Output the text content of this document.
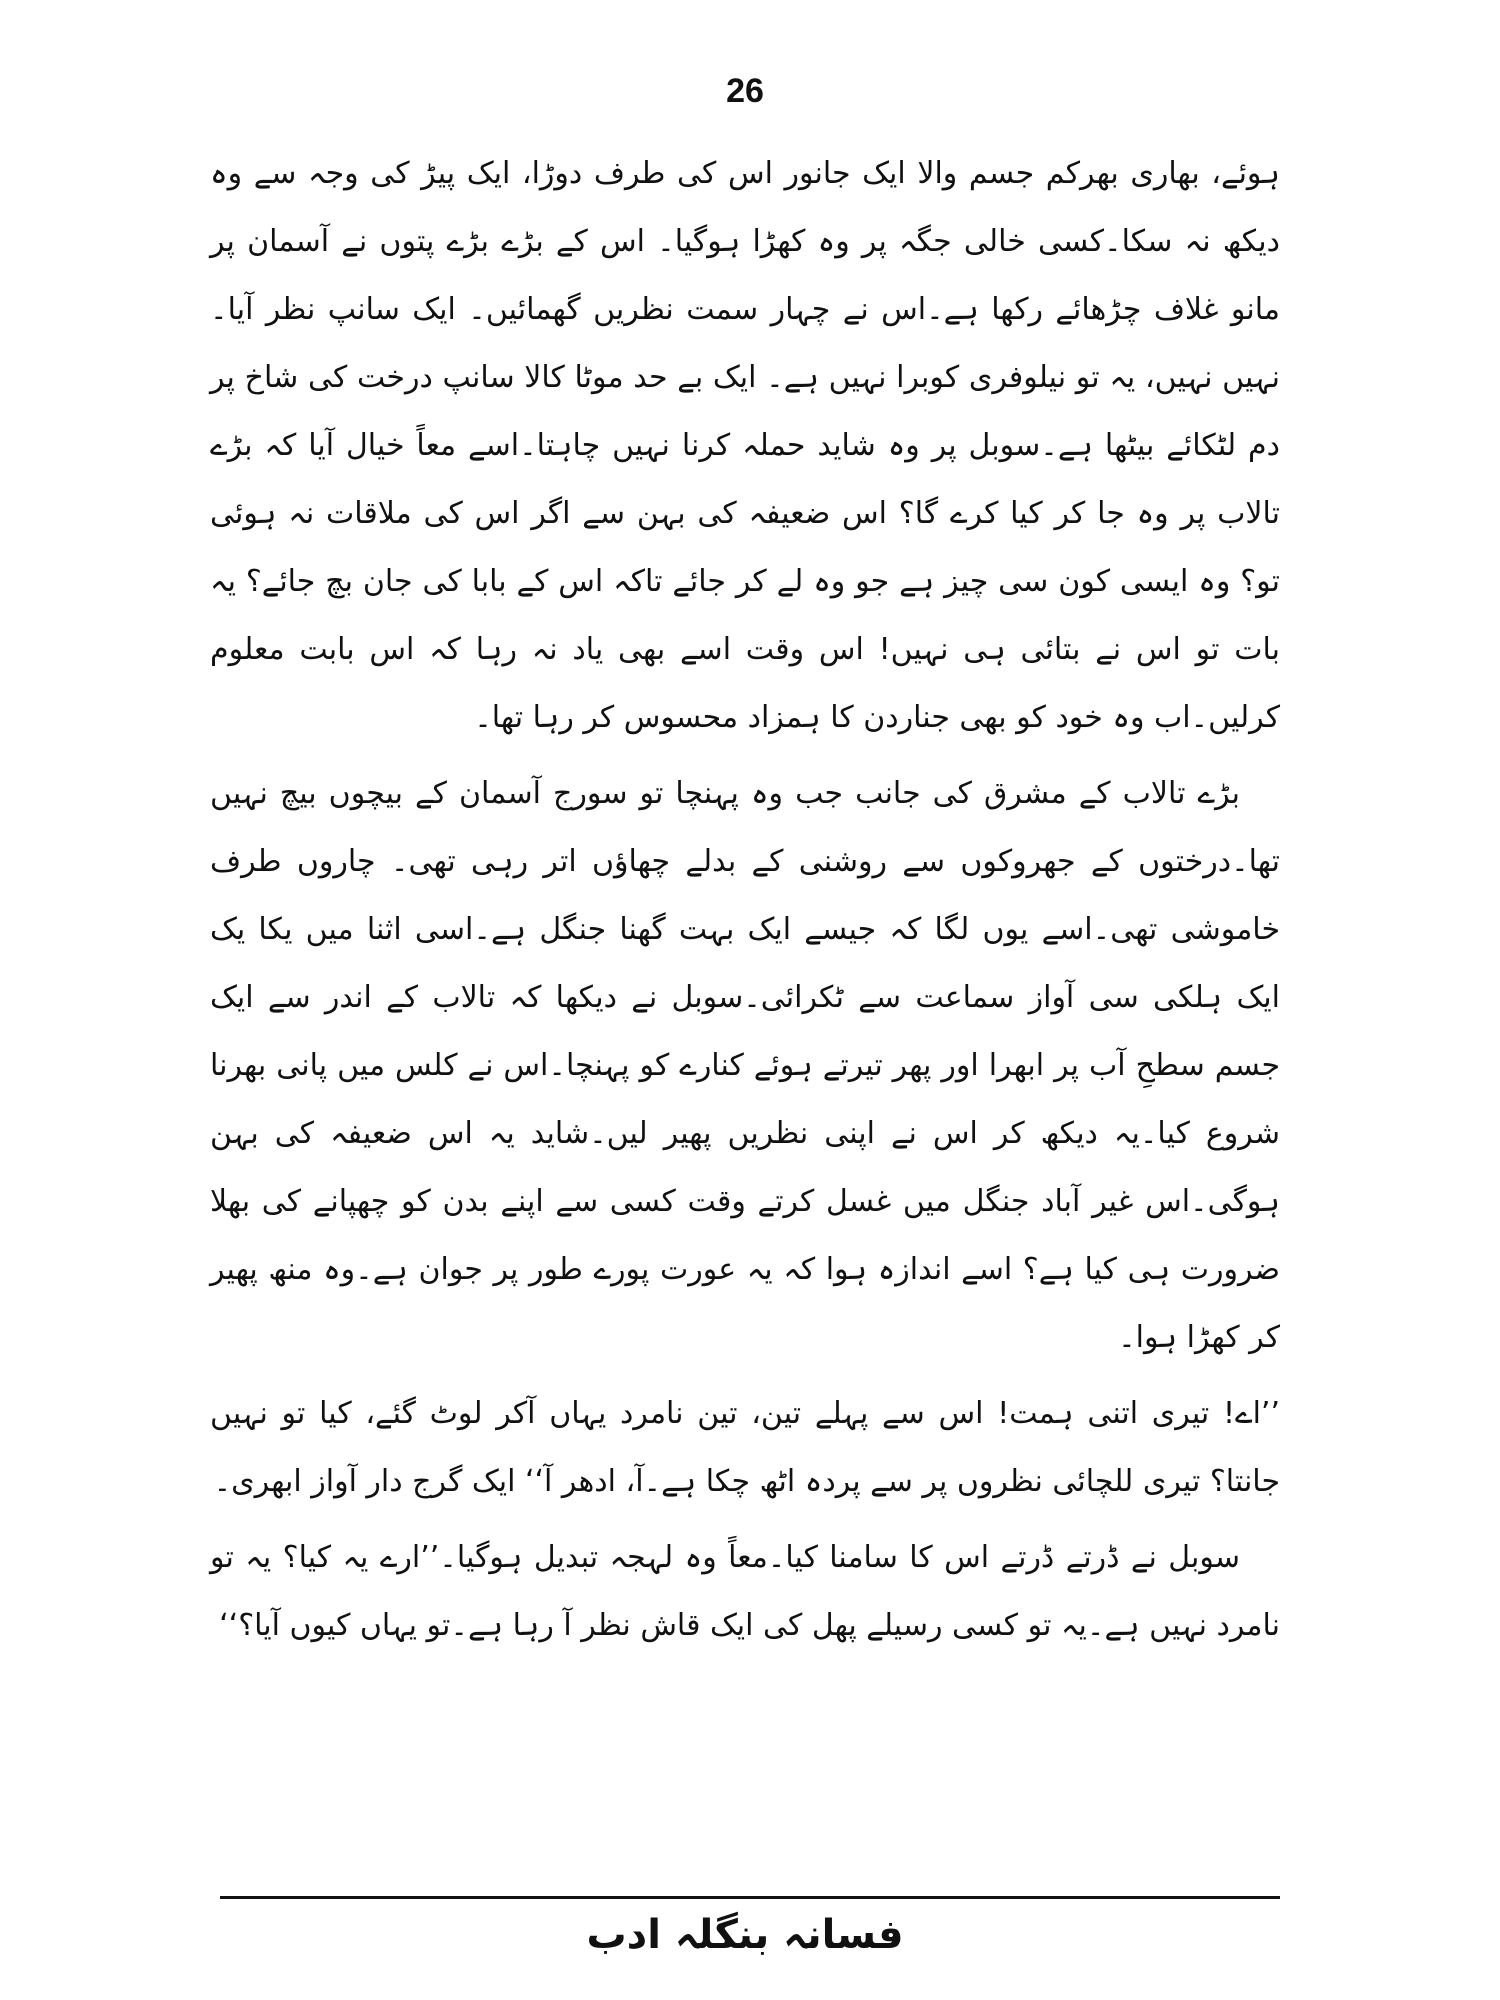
26

ہوئے، بھاری بھرکم جسم والا ایک جانور اس کی طرف دوڑا، ایک پیڑ کی وجہ سے وہ دیکھ نہ سکا۔کسی خالی جگہ پر وہ کھڑا ہوگیا۔ اس کے بڑے بڑے پتوں نے آسمان پر مانو غلاف چڑھائے رکھا ہے۔اس نے چہار سمت نظریں گھمائیں۔ ایک سانپ نظر آیا۔نہیں نہیں، یہ تو نیلوفری کوبرا نہیں ہے۔ ایک بے حد موٹا کالا سانپ درخت کی شاخ پر دم لٹکائے بیٹھا ہے۔سوبل پر وہ شاید حملہ کرنا نہیں چاہتا۔اسے معاً خیال آیا کہ بڑے تالاب پر وہ جا کر کیا کرے گا؟ اس ضعیفہ کی بہن سے اگر اس کی ملاقات نہ ہوئی تو؟ وہ ایسی کون سی چیز ہے جو وہ لے کر جائے تاکہ اس کے بابا کی جان بچ جائے؟ یہ بات تو اس نے بتائی ہی نہیں! اس وقت اسے بھی یاد نہ رہا کہ اس بابت معلوم کرلیں۔اب وہ خود کو بھی جناردن کا ہمزاد محسوس کر رہا تھا۔

بڑے تالاب کے مشرق کی جانب جب وہ پہنچا تو سورج آسمان کے بیچوں بیچ نہیں تھا۔درختوں کے جھروکوں سے روشنی کے بدلے چھاؤں اتر رہی تھی۔ چاروں طرف خاموشی تھی۔اسے یوں لگا کہ جیسے ایک بہت گھنا جنگل ہے۔اسی اثنا میں یکا یک ایک ہلکی سی آواز سماعت سے ٹکرائی۔سوبل نے دیکھا کہ تالاب کے اندر سے ایک جسم سطحِ آب پر ابھرا اور پھر تیرتے ہوئے کنارے کو پہنچا۔اس نے کلس میں پانی بھرنا شروع کیا۔یہ دیکھ کر اس نے اپنی نظریں پھیر لیں۔شاید یہ اس ضعیفہ کی بہن ہوگی۔اس غیر آباد جنگل میں غسل کرتے وقت کسی سے اپنے بدن کو چھپانے کی بھلا ضرورت ہی کیا ہے؟ اسے اندازہ ہوا کہ یہ عورت پورے طور پر جوان ہے۔وہ منھ پھیر کر کھڑا ہوا۔

’’اے! تیری اتنی ہمت! اس سے پہلے تین، تین نامرد یہاں آکر لوٹ گئے، کیا تو نہیں جانتا؟ تیری للچائی نظروں پر سے پردہ اٹھ چکا ہے۔آ، ادھر آ‘‘ ایک گرج دار آواز ابھری۔

سوبل نے ڈرتے ڈرتے اس کا سامنا کیا۔معاً وہ لہجہ تبدیل ہوگیا۔’’ارے یہ کیا؟ یہ تو نامرد نہیں ہے۔یہ تو کسی رسیلے پھل کی ایک قاش نظر آ رہا ہے۔تو یہاں کیوں آیا؟‘‘

فسانہ بنگلہ ادب
